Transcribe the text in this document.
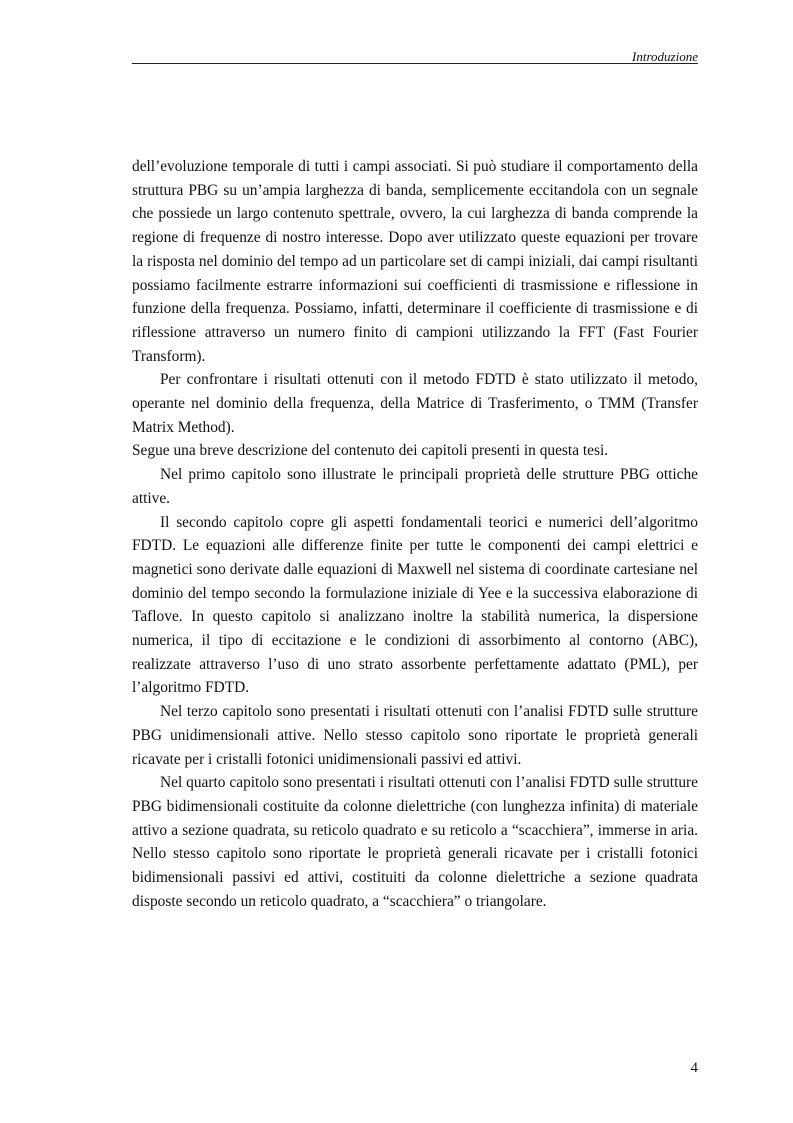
Introduzione

dell’evoluzione temporale di tutti i campi associati. Si può studiare il comportamento della struttura PBG su un’ampia larghezza di banda, semplicemente eccitandola con un segnale che possiede un largo contenuto spettrale, ovvero, la cui larghezza di banda comprende la regione di frequenze di nostro interesse. Dopo aver utilizzato queste equazioni per trovare la risposta nel dominio del tempo ad un particolare set di campi iniziali, dai campi risultanti possiamo facilmente estrarre informazioni sui coefficienti di trasmissione e riflessione in funzione della frequenza. Possiamo, infatti, determinare il coefficiente di trasmissione e di riflessione attraverso un numero finito di campioni utilizzando la FFT (Fast Fourier Transform).

Per confrontare i risultati ottenuti con il metodo FDTD è stato utilizzato il metodo, operante nel dominio della frequenza, della Matrice di Trasferimento, o TMM (Transfer Matrix Method).

Segue una breve descrizione del contenuto dei capitoli presenti in questa tesi.

Nel primo capitolo sono illustrate le principali proprietà delle strutture PBG ottiche attive.

Il secondo capitolo copre gli aspetti fondamentali teorici e numerici dell’algoritmo FDTD. Le equazioni alle differenze finite per tutte le componenti dei campi elettrici e magnetici sono derivate dalle equazioni di Maxwell nel sistema di coordinate cartesiane nel dominio del tempo secondo la formulazione iniziale di Yee e la successiva elaborazione di Taflove. In questo capitolo si analizzano inoltre la stabilità numerica, la dispersione numerica, il tipo di eccitazione e le condizioni di assorbimento al contorno (ABC), realizzate attraverso l’uso di uno strato assorbente perfettamente adattato (PML), per l’algoritmo FDTD.

Nel terzo capitolo sono presentati i risultati ottenuti con l’analisi FDTD sulle strutture PBG unidimensionali attive. Nello stesso capitolo sono riportate le proprietà generali ricavate per i cristalli fotonici unidimensionali passivi ed attivi.

Nel quarto capitolo sono presentati i risultati ottenuti con l’analisi FDTD sulle strutture PBG bidimensionali costituite da colonne dielettriche (con lunghezza infinita) di materiale attivo a sezione quadrata, su reticolo quadrato e su reticolo a “scacchiera”, immerse in aria. Nello stesso capitolo sono riportate le proprietà generali ricavate per i cristalli fotonici bidimensionali passivi ed attivi, costituiti da colonne dielettriche a sezione quadrata disposte secondo un reticolo quadrato, a “scacchiera” o triangolare.

4
